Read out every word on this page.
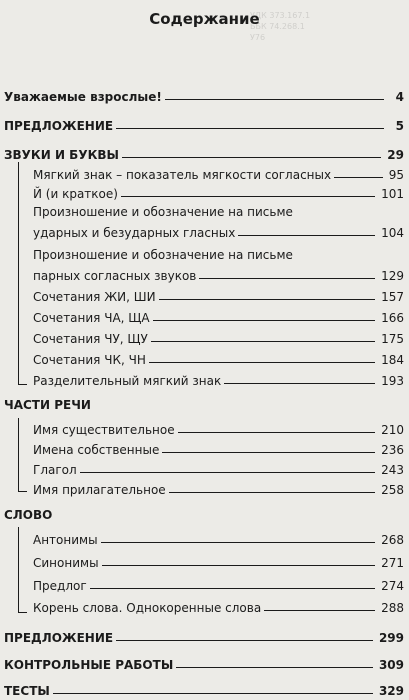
УДК 373.167.1
ББК 74.268.1
У76
Содержание
Уважаемые взрослые!	4
ПРЕДЛОЖЕНИЕ	5
ЗВУКИ И БУКВЫ	29
Мягкий знак – показатель мягкости согласных	95
Й (и краткое)	101
Произношение и обозначение на письме
ударных и безударных гласных	104
Произношение и обозначение на письме
парных согласных звуков	129
Сочетания ЖИ, ШИ	157
Сочетания ЧА, ЩА	166
Сочетания ЧУ, ЩУ	175
Сочетания ЧК, ЧН	184
Разделительный мягкий знак	193
ЧАСТИ РЕЧИ
Имя существительное	210
Имена собственные	236
Глагол	243
Имя прилагательное	258
СЛОВО
Антонимы	268
Синонимы	271
Предлог	274
Корень слова. Однокоренные слова	288
ПРЕДЛОЖЕНИЕ	299
КОНТРОЛЬНЫЕ РАБОТЫ	309
ТЕСТЫ	329
